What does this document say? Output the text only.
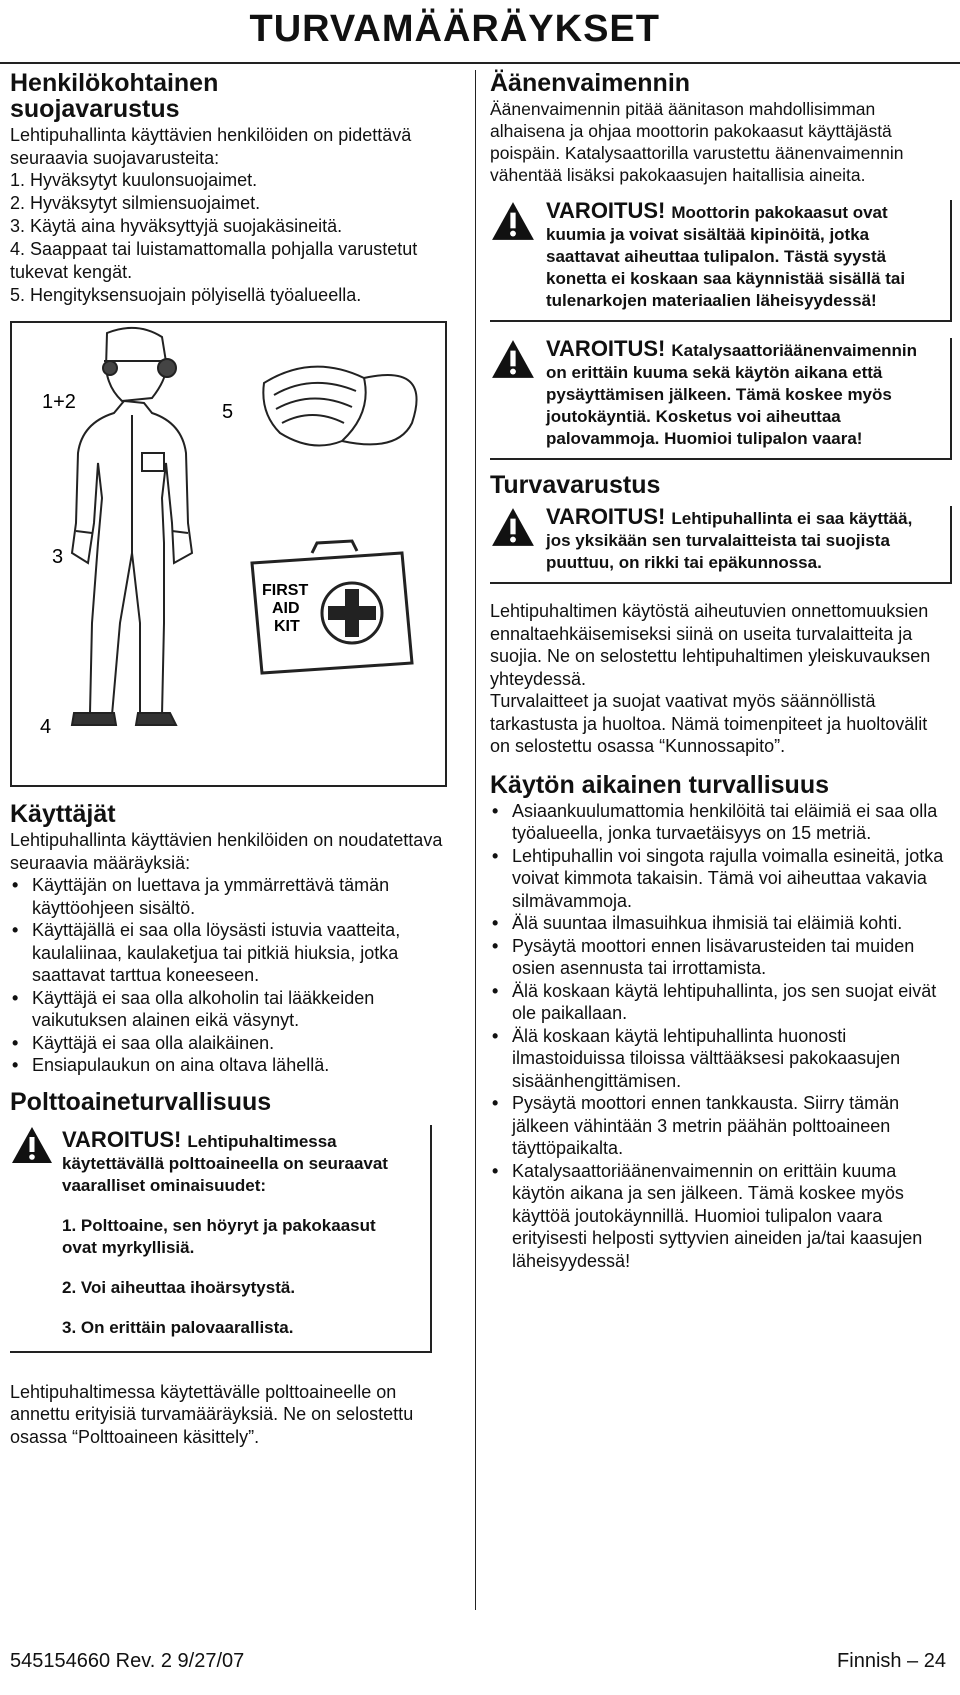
TURVAMÄÄRÄYKSET
Henkilökohtainen suojavarustus

Lehtipuhallinta käyttävien henkilöiden on pidettävä seuraavia suojavarusteita:

1. Hyväksytyt kuulonsuojaimet.
2. Hyväksytyt silmiensuojaimet.
3. Käytä aina hyväksyttyjä suojakäsineitä.
4. Saappaat tai luistamattomalla pohjalla varustetut tukevat kengät.
5. Hengityksensuojain pölyisellä työalueella.
1+2	5
3
4
FIRST
AID
KIT
Käyttäjät

Lehtipuhallinta käyttävien henkilöiden on noudatettava seuraavia määräyksiä:

• Käyttäjän on luettava ja ymmärrettävä tämän käyttöohjeen sisältö.
• Käyttäjällä ei saa olla löysästi istuvia vaatteita, kaulaliinaa, kaulaketjua tai pitkiä hiuksia, jotka saattavat tarttua koneeseen.
• Käyttäjä ei saa olla alkoholin tai lääkkeiden vaikutuksen alainen eikä väsynyt.
• Käyttäjä ei saa olla alaikäinen.
• Ensiapulaukun on aina oltava lähellä.
Polttoaineturvallisuus
VAROITUS! Lehtipuhaltimessa käytettävällä polttoaineella on seuraavat vaaralliset ominaisuudet:
1. Polttoaine, sen höyryt ja pakokaasut ovat myrkyllisiä.
2. Voi aiheuttaa ihoärsytystä.
3. On erittäin palovaarallista.

Lehtipuhaltimessa käytettävälle polttoaineelle on annettu erityisiä turvamääräyksiä. Ne on selostettu osassa “Polttoaineen käsittely”.

Äänenvaimennin

Äänenvaimennin pitää äänitason mahdollisimman alhaisena ja ohjaa moottorin pakokaasut käyttäjästä poispäin. Katalysaattorilla varustettu äänenvaimennin vähentää lisäksi pakokaasujen haitallisia aineita.

VAROITUS! Moottorin pakokaasut ovat kuumia ja voivat sisältää kipinöitä, jotka saattavat aiheuttaa tulipalon. Tästä syystä konetta ei koskaan saa käynnistää sisällä tai tulenarkojen materiaalien läheisyydessä!
VAROITUS! Katalysaattoriäänenvaimennin on erittäin kuuma sekä käytön aikana että pysäyttämisen jälkeen. Tämä koskee myös joutokäyntiä. Kosketus voi aiheuttaa palovammoja. Huomioi tulipalon vaara!
Turvavarustus
VAROITUS! Lehtipuhallinta ei saa käyttää, jos yksikään sen turvalaitteista tai suojista puuttuu, on rikki tai epäkunnossa.

Lehtipuhaltimen käytöstä aiheutuvien onnettomuuksien ennaltaehkäisemiseksi siinä on useita turvalaitteita ja suojia. Ne on selostettu lehtipuhaltimen yleiskuvauksen yhteydessä.

Turvalaitteet ja suojat vaativat myös säännöllistä tarkastusta ja huoltoa. Nämä toimenpiteet ja huoltovälit on selostettu osassa “Kunnossapito”.

Käytön aikainen turvallisuus
• Asiaankuulumattomia henkilöitä tai eläimiä ei saa olla työalueella, jonka turvaetäisyys on 15 metriä.
• Lehtipuhallin voi singota rajulla voimalla esineitä, jotka voivat kimmota takaisin. Tämä voi aiheuttaa vakavia silmävammoja.
• Älä suuntaa ilmasuihkua ihmisiä tai eläimiä kohti.
• Pysäytä moottori ennen lisävarusteiden tai muiden osien asennusta tai irrottamista.
• Älä koskaan käytä lehtipuhallinta, jos sen suojat eivät ole paikallaan.
• Älä koskaan käytä lehtipuhallinta huonosti ilmastoiduissa tiloissa välttääksesi pakokaasujen sisäänhengittämisen.
• Pysäytä moottori ennen tankkausta. Siirry tämän jälkeen vähintään 3 metrin päähän polttoaineen täyttöpaikalta.
• Katalysaattoriäänenvaimennin on erittäin kuuma käytön aikana ja sen jälkeen. Tämä koskee myös käyttöä joutokäynnillä. Huomioi tulipalon vaara erityisesti helposti syttyvien aineiden ja/tai kaasujen läheisyydessä!
545154660 Rev. 2 9/27/07	Finnish – 24
